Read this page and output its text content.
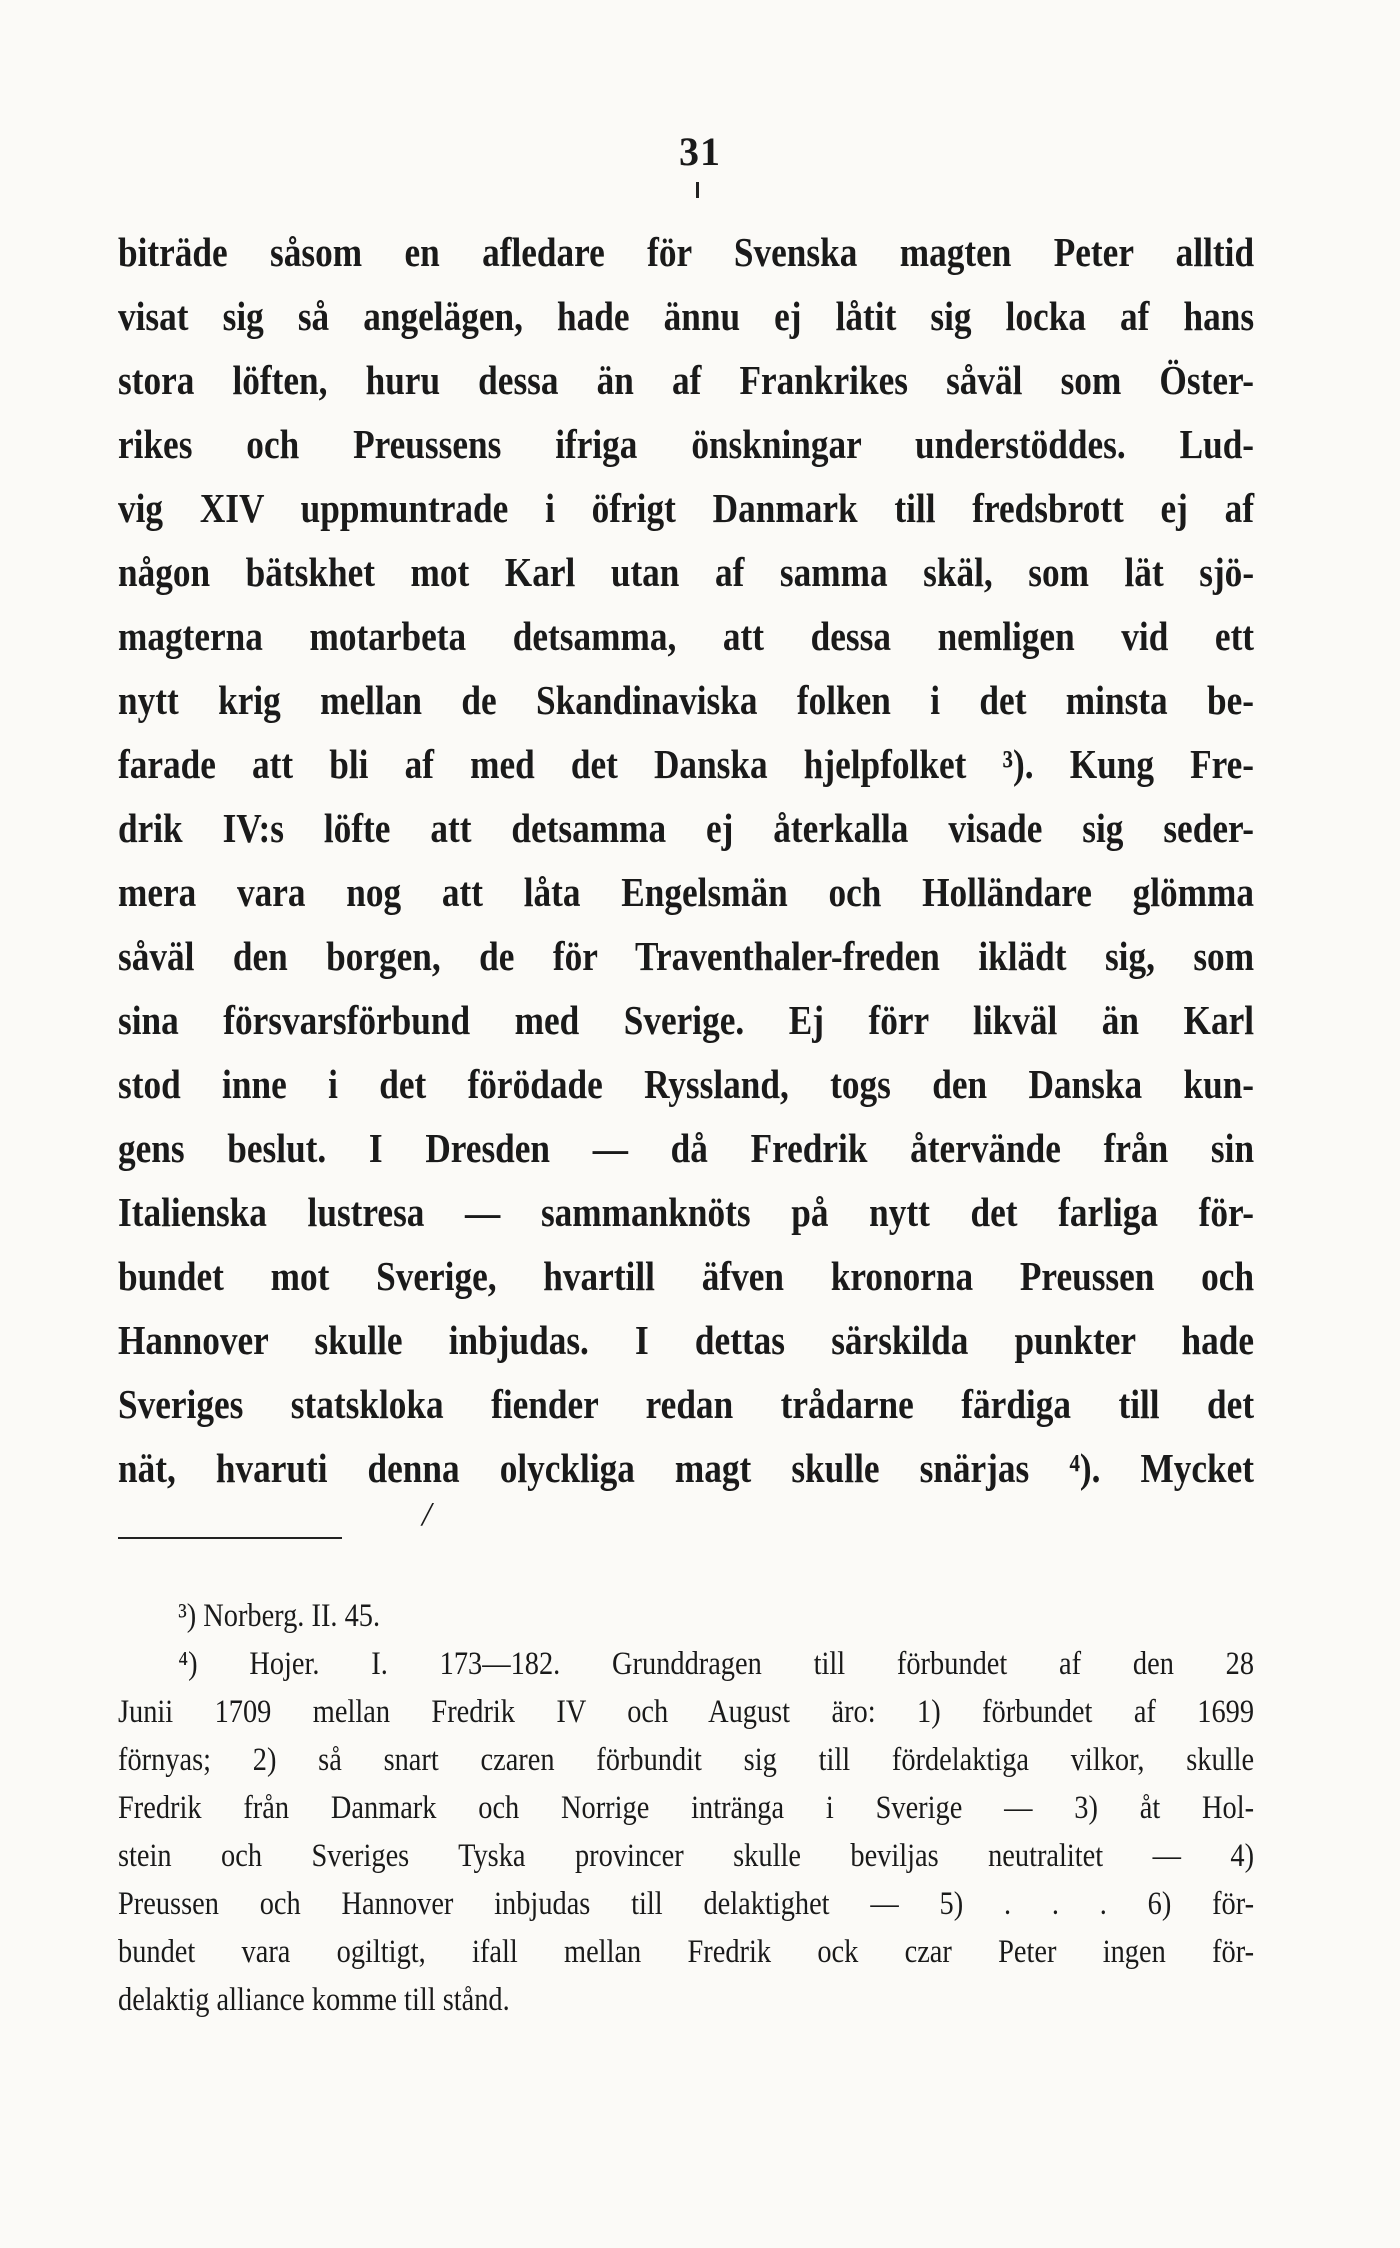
31
biträde såsom en afledare för Svenska magten Peter alltid
visat sig så angelägen, hade ännu ej låtit sig locka af hans
stora löften, huru dessa än af Frankrikes såväl som Öster-
rikes och Preussens ifriga önskningar understöddes. Lud-
vig XIV uppmuntrade i öfrigt Danmark till fredsbrott ej af
någon bätskhet mot Karl utan af samma skäl, som lät sjö-
magterna motarbeta detsamma, att dessa nemligen vid ett
nytt krig mellan de Skandinaviska folken i det minsta be-
farade att bli af med det Danska hjelpfolket ³). Kung Fre-
drik IV:s löfte att detsamma ej återkalla visade sig seder-
mera vara nog att låta Engelsmän och Holländare glömma
såväl den borgen, de för Traventhaler-freden iklädt sig, som
sina försvarsförbund med Sverige. Ej förr likväl än Karl
stod inne i det förödade Ryssland, togs den Danska kun-
gens beslut. I Dresden — då Fredrik återvände från sin
Italienska lustresa — sammanknöts på nytt det farliga för-
bundet mot Sverige, hvartill äfven kronorna Preussen och
Hannover skulle inbjudas. I dettas särskilda punkter hade
Sveriges statskloka fiender redan trådarne färdiga till det
nät, hvaruti denna olyckliga magt skulle snärjas ⁴). Mycket
/
³) Norberg. II. 45.
⁴) Hojer. I. 173—182. Grunddragen till förbundet af den 28
Junii 1709 mellan Fredrik IV och August äro: 1) förbundet af 1699
förnyas; 2) så snart czaren förbundit sig till fördelaktiga vilkor, skulle
Fredrik från Danmark och Norrige intränga i Sverige — 3) åt Hol-
stein och Sveriges Tyska provincer skulle beviljas neutralitet — 4)
Preussen och Hannover inbjudas till delaktighet — 5) . . . 6) för-
bundet vara ogiltigt, ifall mellan Fredrik ock czar Peter ingen för-
delaktig alliance komme till stånd.
